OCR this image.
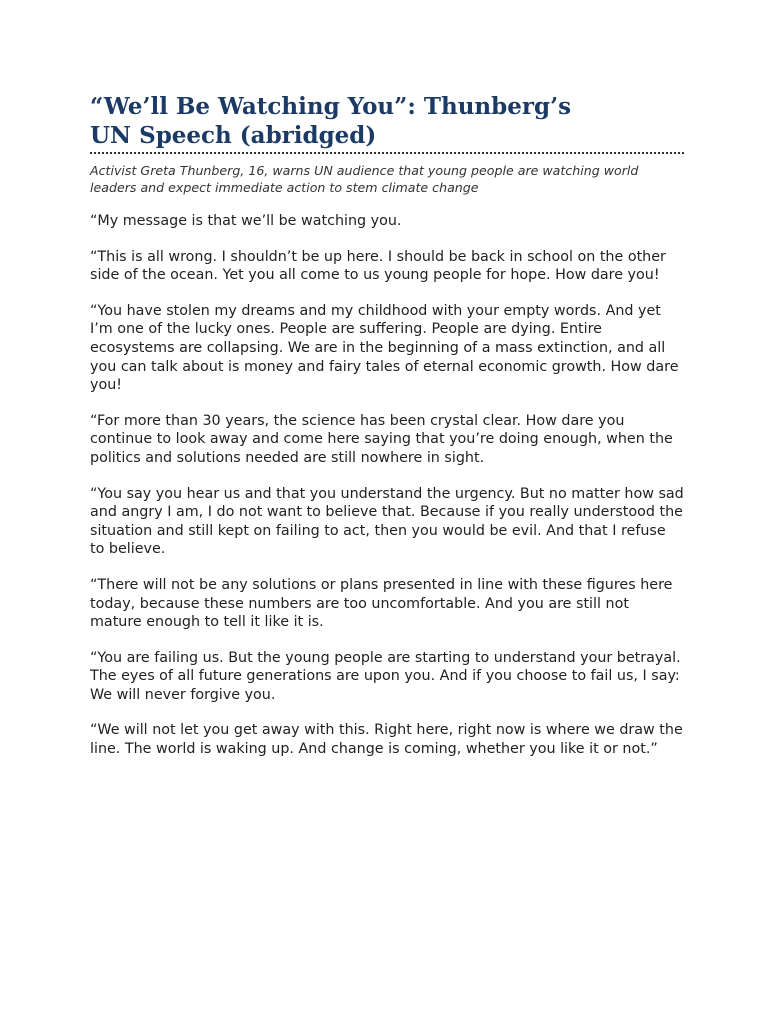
“We’ll Be Watching You”: Thunberg’s
UN Speech (abridged)

Activist Greta Thunberg, 16, warns UN audience that young people are watching world leaders and expect immediate action to stem climate change

“My message is that we’ll be watching you.

“This is all wrong. I shouldn’t be up here. I should be back in school on the other side of the ocean. Yet you all come to us young people for hope. How dare you!

“You have stolen my dreams and my childhood with your empty words. And yet I’m one of the lucky ones. People are suffering. People are dying. Entire ecosystems are collapsing. We are in the beginning of a mass extinction, and all you can talk about is money and fairy tales of eternal economic growth. How dare you!

“For more than 30 years, the science has been crystal clear. How dare you continue to look away and come here saying that you’re doing enough, when the politics and solutions needed are still nowhere in sight.

“You say you hear us and that you understand the urgency. But no matter how sad and angry I am, I do not want to believe that. Because if you really understood the situation and still kept on failing to act, then you would be evil. And that I refuse to believe.

“There will not be any solutions or plans presented in line with these figures here today, because these numbers are too uncomfortable. And you are still not mature enough to tell it like it is.

“You are failing us. But the young people are starting to understand your betrayal. The eyes of all future generations are upon you. And if you choose to fail us, I say: We will never forgive you.

“We will not let you get away with this. Right here, right now is where we draw the line. The world is waking up. And change is coming, whether you like it or not.”
